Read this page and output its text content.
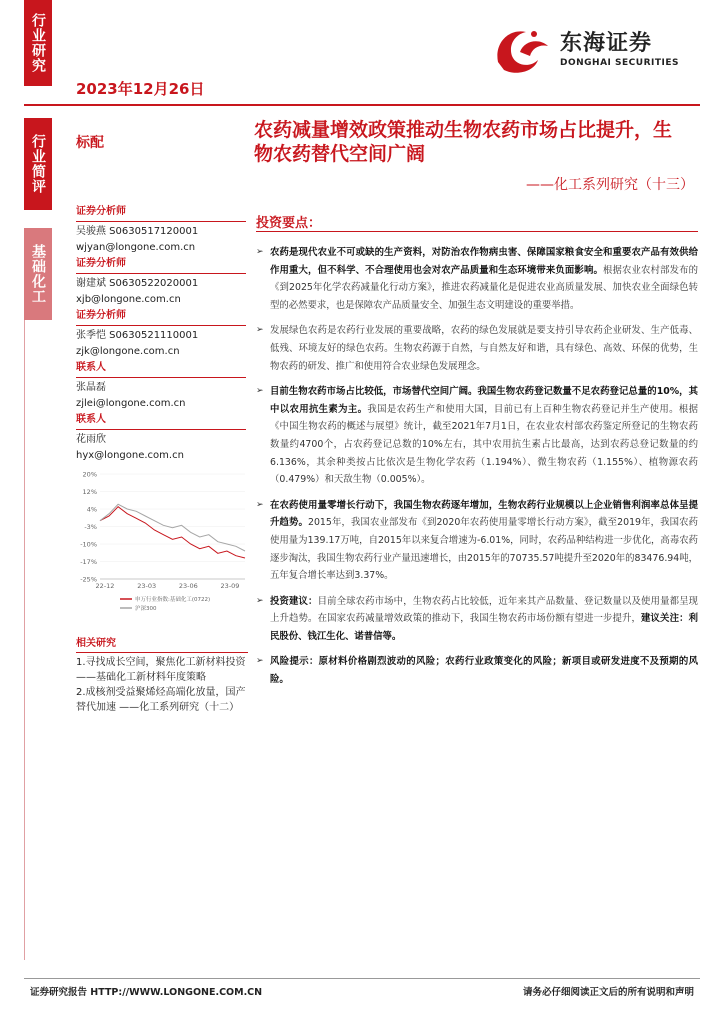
行业研究
行业简评
基础化工
2023年12月26日
东海证券
DONGHAI SECURITIES
标配
农药减量增效政策推动生物农药市场占比提升，生物农药替代空间广阔
——化工系列研究（十三）
证券分析师
吴骏燕 S0630517120001
wjyan@longone.com.cn
证券分析师
谢建斌 S0630522020001
xjb@longone.com.cn
证券分析师
张季恺 S0630521110001
zjk@longone.com.cn
联系人
张晶磊
zjlei@longone.com.cn
联系人
花雨欣
hyx@longone.com.cn
20%
12%
4%
-3%
-10%
-17%
-25%
22-12	23-03	23-06	23-09
申万行业指数:基础化工(0722)
沪深300
相关研究
1.寻找成长空间，聚焦化工新材料投资——基础化工新材料年度策略
2.成核剂受益聚烯烃高端化放量，国产替代加速 ——化工系列研究（十二）
投资要点：
➢ 农药是现代农业不可或缺的生产资料，对防治农作物病虫害、保障国家粮食安全和重要农产品有效供给作用重大，但不科学、不合理使用也会对农产品质量和生态环境带来负面影响。根据农业农村部发布的《到2025年化学农药减量化行动方案》，推进农药减量化是促进农业高质量发展、加快农业全面绿色转型的必然要求，也是保障农产品质量安全、加强生态文明建设的重要举措。
➢ 发展绿色农药是农药行业发展的重要战略，农药的绿色发展就是要支持引导农药企业研发、生产低毒、低残、环境友好的绿色农药。生物农药源于自然，与自然友好和谐，具有绿色、高效、环保的优势，生物农药的研发、推广和使用符合农业绿色发展理念。
➢ 目前生物农药市场占比较低，市场替代空间广阔。我国生物农药登记数量不足农药登记总量的10%，其中以农用抗生素为主。我国是农药生产和使用大国，目前已有上百种生物农药登记并生产使用。根据《中国生物农药的概述与展望》统计，截至2021年7月1日，在农业农村部农药鉴定所登记的生物农药数量约4700个，占农药登记总数的10%左右，其中农用抗生素占比最高，达到农药总登记数量的约6.136%，其余种类按占比依次是生物化学农药（1.194%）、微生物农药（1.155%）、植物源农药（0.479%）和天敌生物（0.005%）。
➢ 在农药使用量零增长行动下，我国生物农药逐年增加，生物农药行业规模以上企业销售利润率总体呈提升趋势。2015年，我国农业部发布《到2020年农药使用量零增长行动方案》，截至2019年，我国农药使用量为139.17万吨，自2015年以来复合增速为-6.01%，同时，农药品种结构进一步优化，高毒农药逐步淘汰，我国生物农药行业产量迅速增长，由2015年的70735.57吨提升至2020年的83476.94吨，五年复合增长率达到3.37%。
➢ 投资建议：目前全球农药市场中，生物农药占比较低，近年来其产品数量、登记数量以及使用量都呈现上升趋势。在国家农药减量增效政策的推动下，我国生物农药市场份额有望进一步提升，建议关注：利民股份、钱江生化、诺普信等。
➢ 风险提示：原材料价格剧烈波动的风险；农药行业政策变化的风险；新项目或研发进度不及预期的风险。
证券研究报告 HTTP://WWW.LONGONE.COM.CN	请务必仔细阅读正文后的所有说明和声明
